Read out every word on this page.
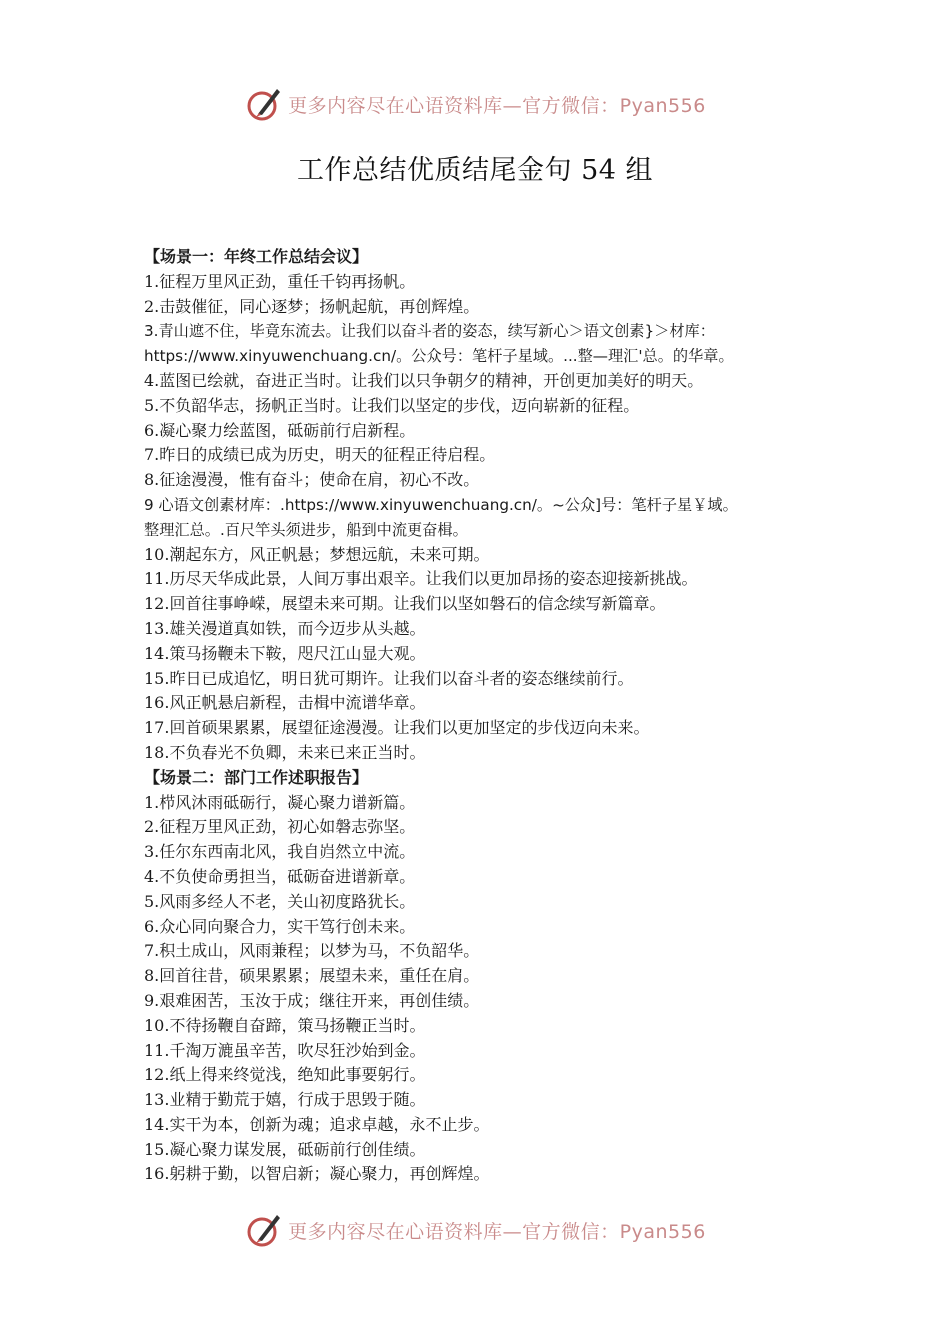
更多内容尽在心语资料库—官方微信：Pyan556
工作总结优质结尾金句 54 组
【场景一：年终工作总结会议】
1.征程万里风正劲，重任千钧再扬帆。
2.击鼓催征，同心逐梦；扬帆起航，再创辉煌。
3.青山遮不住，毕竟东流去。让我们以奋斗者的姿态，续写新心＞语文创素}＞材库：
https://www.xinyuwenchuang.cn/。公众号：笔杆子星域。...整—理汇'总。的华章。
4.蓝图已绘就，奋进正当时。让我们以只争朝夕的精神，开创更加美好的明天。
5.不负韶华志，扬帆正当时。让我们以坚定的步伐，迈向崭新的征程。
6.凝心聚力绘蓝图，砥砺前行启新程。
7.昨日的成绩已成为历史，明天的征程正待启程。
8.征途漫漫，惟有奋斗；使命在肩，初心不改。
9 心语文创素材库：.https://www.xinyuwenchuang.cn/。~公众]号：笔杆子星￥域。
整理汇总。.百尺竿头须进步，船到中流更奋楫。
10.潮起东方，风正帆悬；梦想远航，未来可期。
11.历尽天华成此景，人间万事出艰辛。让我们以更加昂扬的姿态迎接新挑战。
12.回首往事峥嵘，展望未来可期。让我们以坚如磐石的信念续写新篇章。
13.雄关漫道真如铁，而今迈步从头越。
14.策马扬鞭未下鞍，咫尺江山显大观。
15.昨日已成追忆，明日犹可期许。让我们以奋斗者的姿态继续前行。
16.风正帆悬启新程，击楫中流谱华章。
17.回首硕果累累，展望征途漫漫。让我们以更加坚定的步伐迈向未来。
18.不负春光不负卿，未来已来正当时。
【场景二：部门工作述职报告】
1.栉风沐雨砥砺行，凝心聚力谱新篇。
2.征程万里风正劲，初心如磐志弥坚。
3.任尔东西南北风，我自岿然立中流。
4.不负使命勇担当，砥砺奋进谱新章。
5.风雨多经人不老，关山初度路犹长。
6.众心同向聚合力，实干笃行创未来。
7.积土成山，风雨兼程；以梦为马，不负韶华。
8.回首往昔，硕果累累；展望未来，重任在肩。
9.艰难困苦，玉汝于成；继往开来，再创佳绩。
10.不待扬鞭自奋蹄，策马扬鞭正当时。
11.千淘万漉虽辛苦，吹尽狂沙始到金。
12.纸上得来终觉浅，绝知此事要躬行。
13.业精于勤荒于嬉，行成于思毁于随。
14.实干为本，创新为魂；追求卓越，永不止步。
15.凝心聚力谋发展，砥砺前行创佳绩。
16.躬耕于勤，以智启新；凝心聚力，再创辉煌。
更多内容尽在心语资料库—官方微信：Pyan556
